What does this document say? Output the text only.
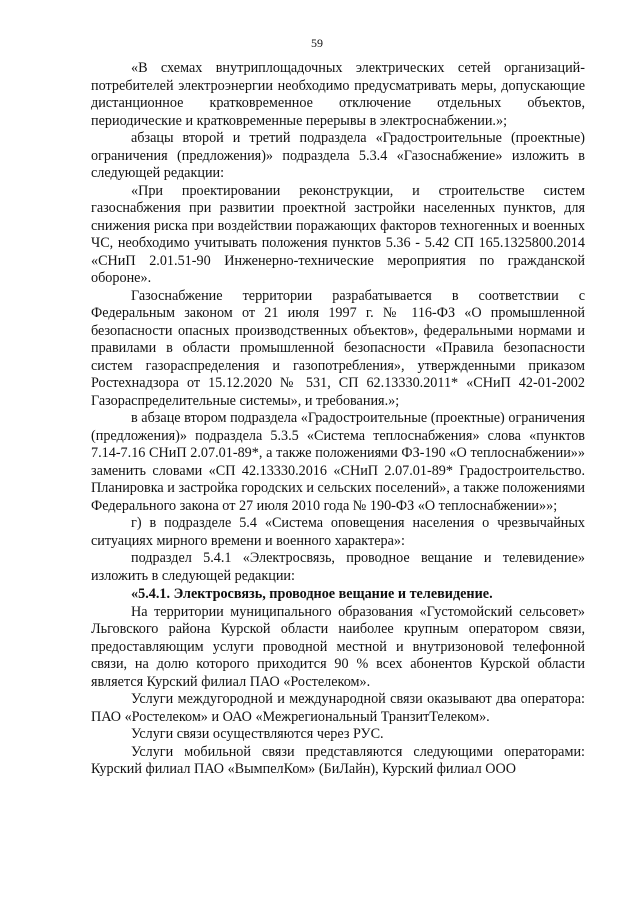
59

«В схемах внутриплощадочных электрических сетей организаций-потребителей электроэнергии необходимо предусматривать меры, допускающие дистанционное кратковременное отключение отдельных объектов, периодические и кратковременные перерывы в электроснабжении.»;

абзацы второй и третий подраздела «Градостроительные (проектные) ограничения (предложения)» подраздела 5.3.4 «Газоснабжение» изложить в следующей редакции:

«При проектировании реконструкции, и строительстве систем газоснабжения при развитии проектной застройки населенных пунктов, для снижения риска при воздействии поражающих факторов техногенных и военных ЧС, необходимо учитывать положения пунктов 5.36 - 5.42 СП 165.1325800.2014 «СНиП 2.01.51-90 Инженерно-технические мероприятия по гражданской обороне».

Газоснабжение территории разрабатывается в соответствии с Федеральным законом от 21 июля 1997 г. № 116-ФЗ «О промышленной безопасности опасных производственных объектов», федеральными нормами и правилами в области промышленной безопасности «Правила безопасности систем газораспределения и газопотребления», утвержденными приказом Ростехнадзора от 15.12.2020 № 531, СП 62.13330.2011* «СНиП 42-01-2002 Газораспределительные системы», и требования.»;

в абзаце втором подраздела «Градостроительные (проектные) ограничения (предложения)» подраздела 5.3.5 «Система теплоснабжения» слова «пунктов 7.14-7.16 СНиП 2.07.01-89*, а также положениями ФЗ-190 «О теплоснабжении»» заменить словами «СП 42.13330.2016 «СНиП 2.07.01-89* Градостроительство. Планировка и застройка городских и сельских поселений», а также положениями Федерального закона от 27 июля 2010 года № 190-ФЗ «О теплоснабжении»»;

г) в подразделе 5.4 «Система оповещения населения о чрезвычайных ситуациях мирного времени и военного характера»:

подраздел 5.4.1 «Электросвязь, проводное вещание и телевидение» изложить в следующей редакции:

«5.4.1. Электросвязь, проводное вещание и телевидение.

На территории муниципального образования «Густомойский сельсовет» Льговского района Курской области наиболее крупным оператором связи, предоставляющим услуги проводной местной и внутризоновой телефонной связи, на долю которого приходится 90 % всех абонентов Курской области является Курский филиал ПАО «Ростелеком».

Услуги междугородной и международной связи оказывают два оператора: ПАО «Ростелеком» и ОАО «Межрегиональный ТранзитТелеком».

Услуги связи осуществляются через РУС.

Услуги мобильной связи представляются следующими операторами: Курский филиал ПАО «ВымпелКом» (БиЛайн), Курский филиал ООО
